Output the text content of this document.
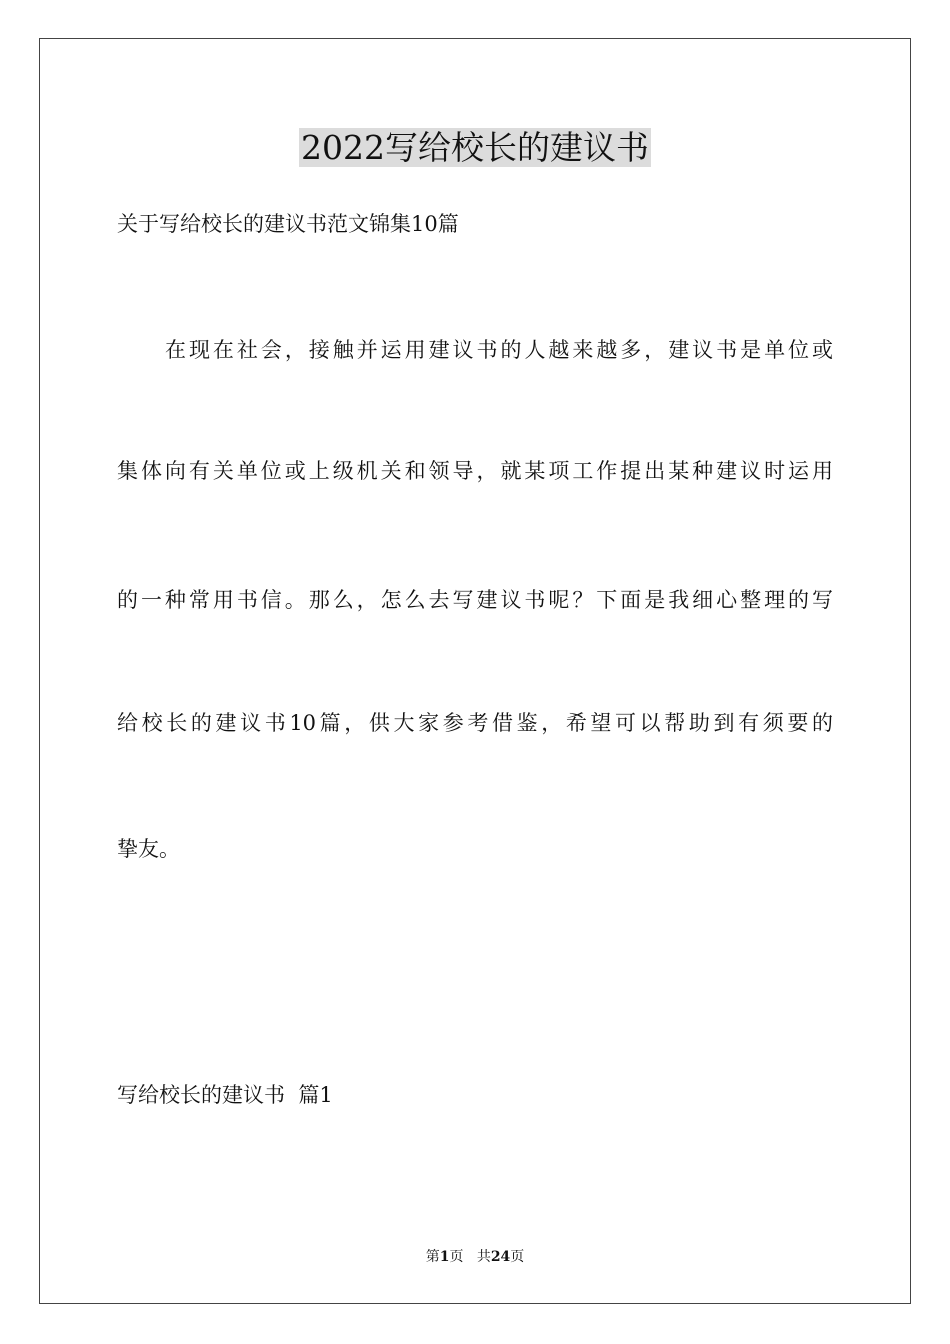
2022写给校长的建议书
关于写给校长的建议书范文锦集10篇
在现在社会，接触并运用建议书的人越来越多，建议书是单位或
集体向有关单位或上级机关和领导，就某项工作提出某种建议时运用
的一种常用书信。那么，怎么去写建议书呢？下面是我细心整理的写
给校长的建议书10篇，供大家参考借鉴，希望可以帮助到有须要的
挚友。
写给校长的建议书  篇1
第1页 共24页
